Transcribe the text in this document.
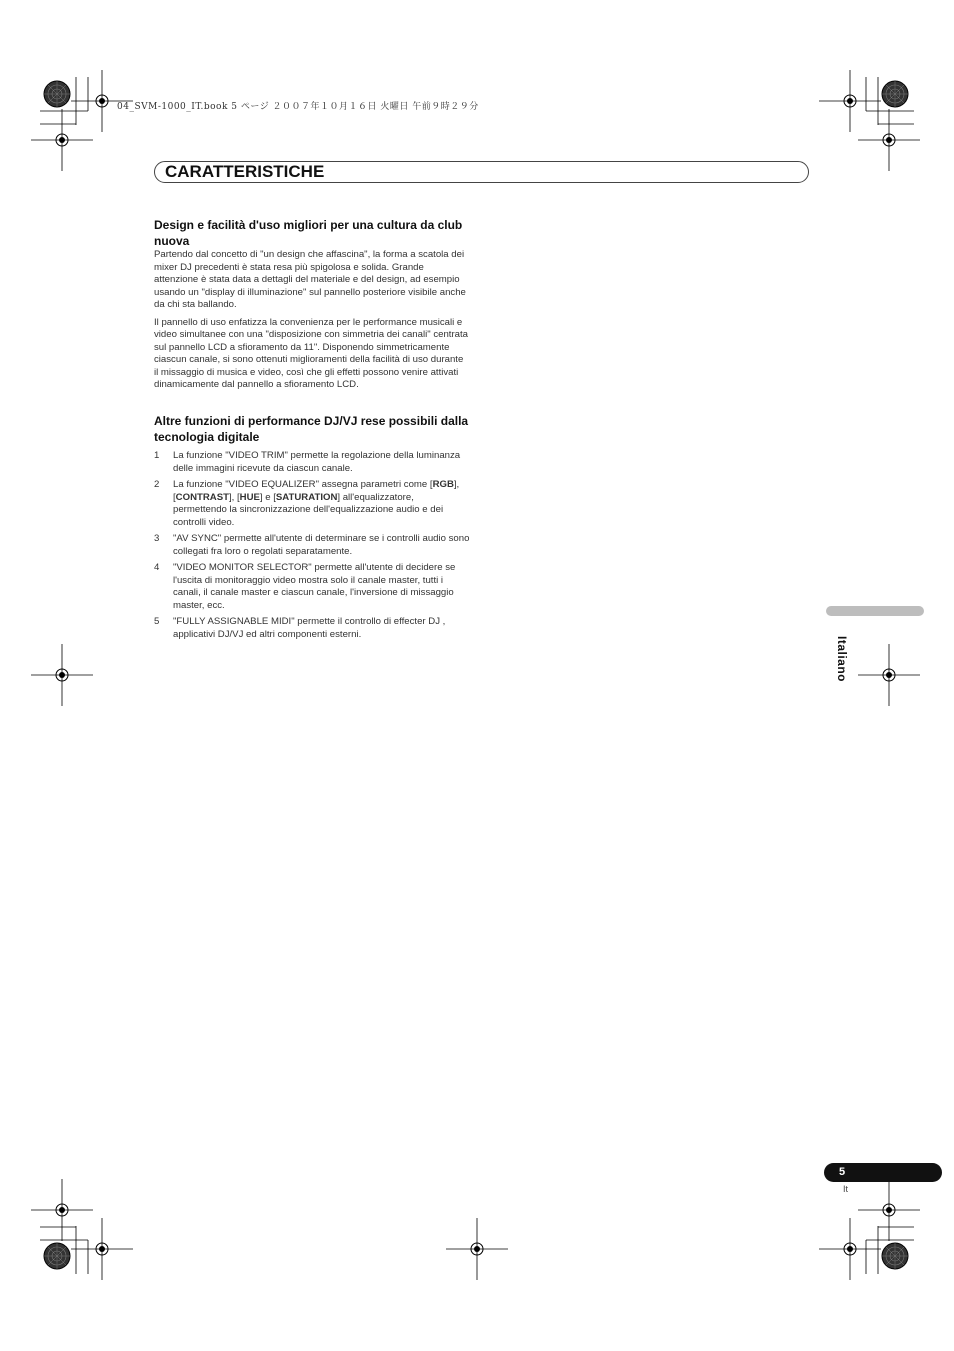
04_SVM-1000_IT.book 5 ページ ２００７年１０月１６日 火曜日 午前９時２９分
CARATTERISTICHE
Design e facilità d'uso migliori per una cultura da club nuova

Partendo dal concetto di "un design che affascina", la forma a scatola dei mixer DJ precedenti è stata resa più spigolosa e solida. Grande attenzione è stata data a dettagli del materiale e del design, ad esempio usando un "display di illuminazione" sul pannello posteriore visibile anche da chi sta ballando.

Il pannello di uso enfatizza la convenienza per le performance musicali e video simultanee con una "disposizione con simmetria dei canali" centrata sul pannello LCD a sfioramento da 11". Disponendo simmetricamente ciascun canale, si sono ottenuti miglioramenti della facilità di uso durante il missaggio di musica e video, così che gli effetti possono venire attivati dinamicamente dal pannello a sfioramento LCD.

Altre funzioni di performance DJ/VJ rese possibili dalla tecnologia digitale
1 La funzione "VIDEO TRIM" permette la regolazione della luminanza delle immagini ricevute da ciascun canale.
2 La funzione "VIDEO EQUALIZER" assegna parametri come [RGB], [CONTRAST], [HUE] e [SATURATION] all'equalizzatore, permettendo la sincronizzazione dell'equalizzazione audio e dei controlli video.
3 "AV SYNC" permette all'utente di determinare se i controlli audio sono collegati fra loro o regolati separatamente.
4 "VIDEO MONITOR SELECTOR" permette all'utente di decidere se l'uscita di monitoraggio video mostra solo il canale master, tutti i canali, il canale master e ciascun canale, l'inversione di missaggio master, ecc.
5 "FULLY ASSIGNABLE MIDI" permette il controllo di effecter DJ , applicativi DJ/VJ ed altri componenti esterni.
Italiano
5
It
